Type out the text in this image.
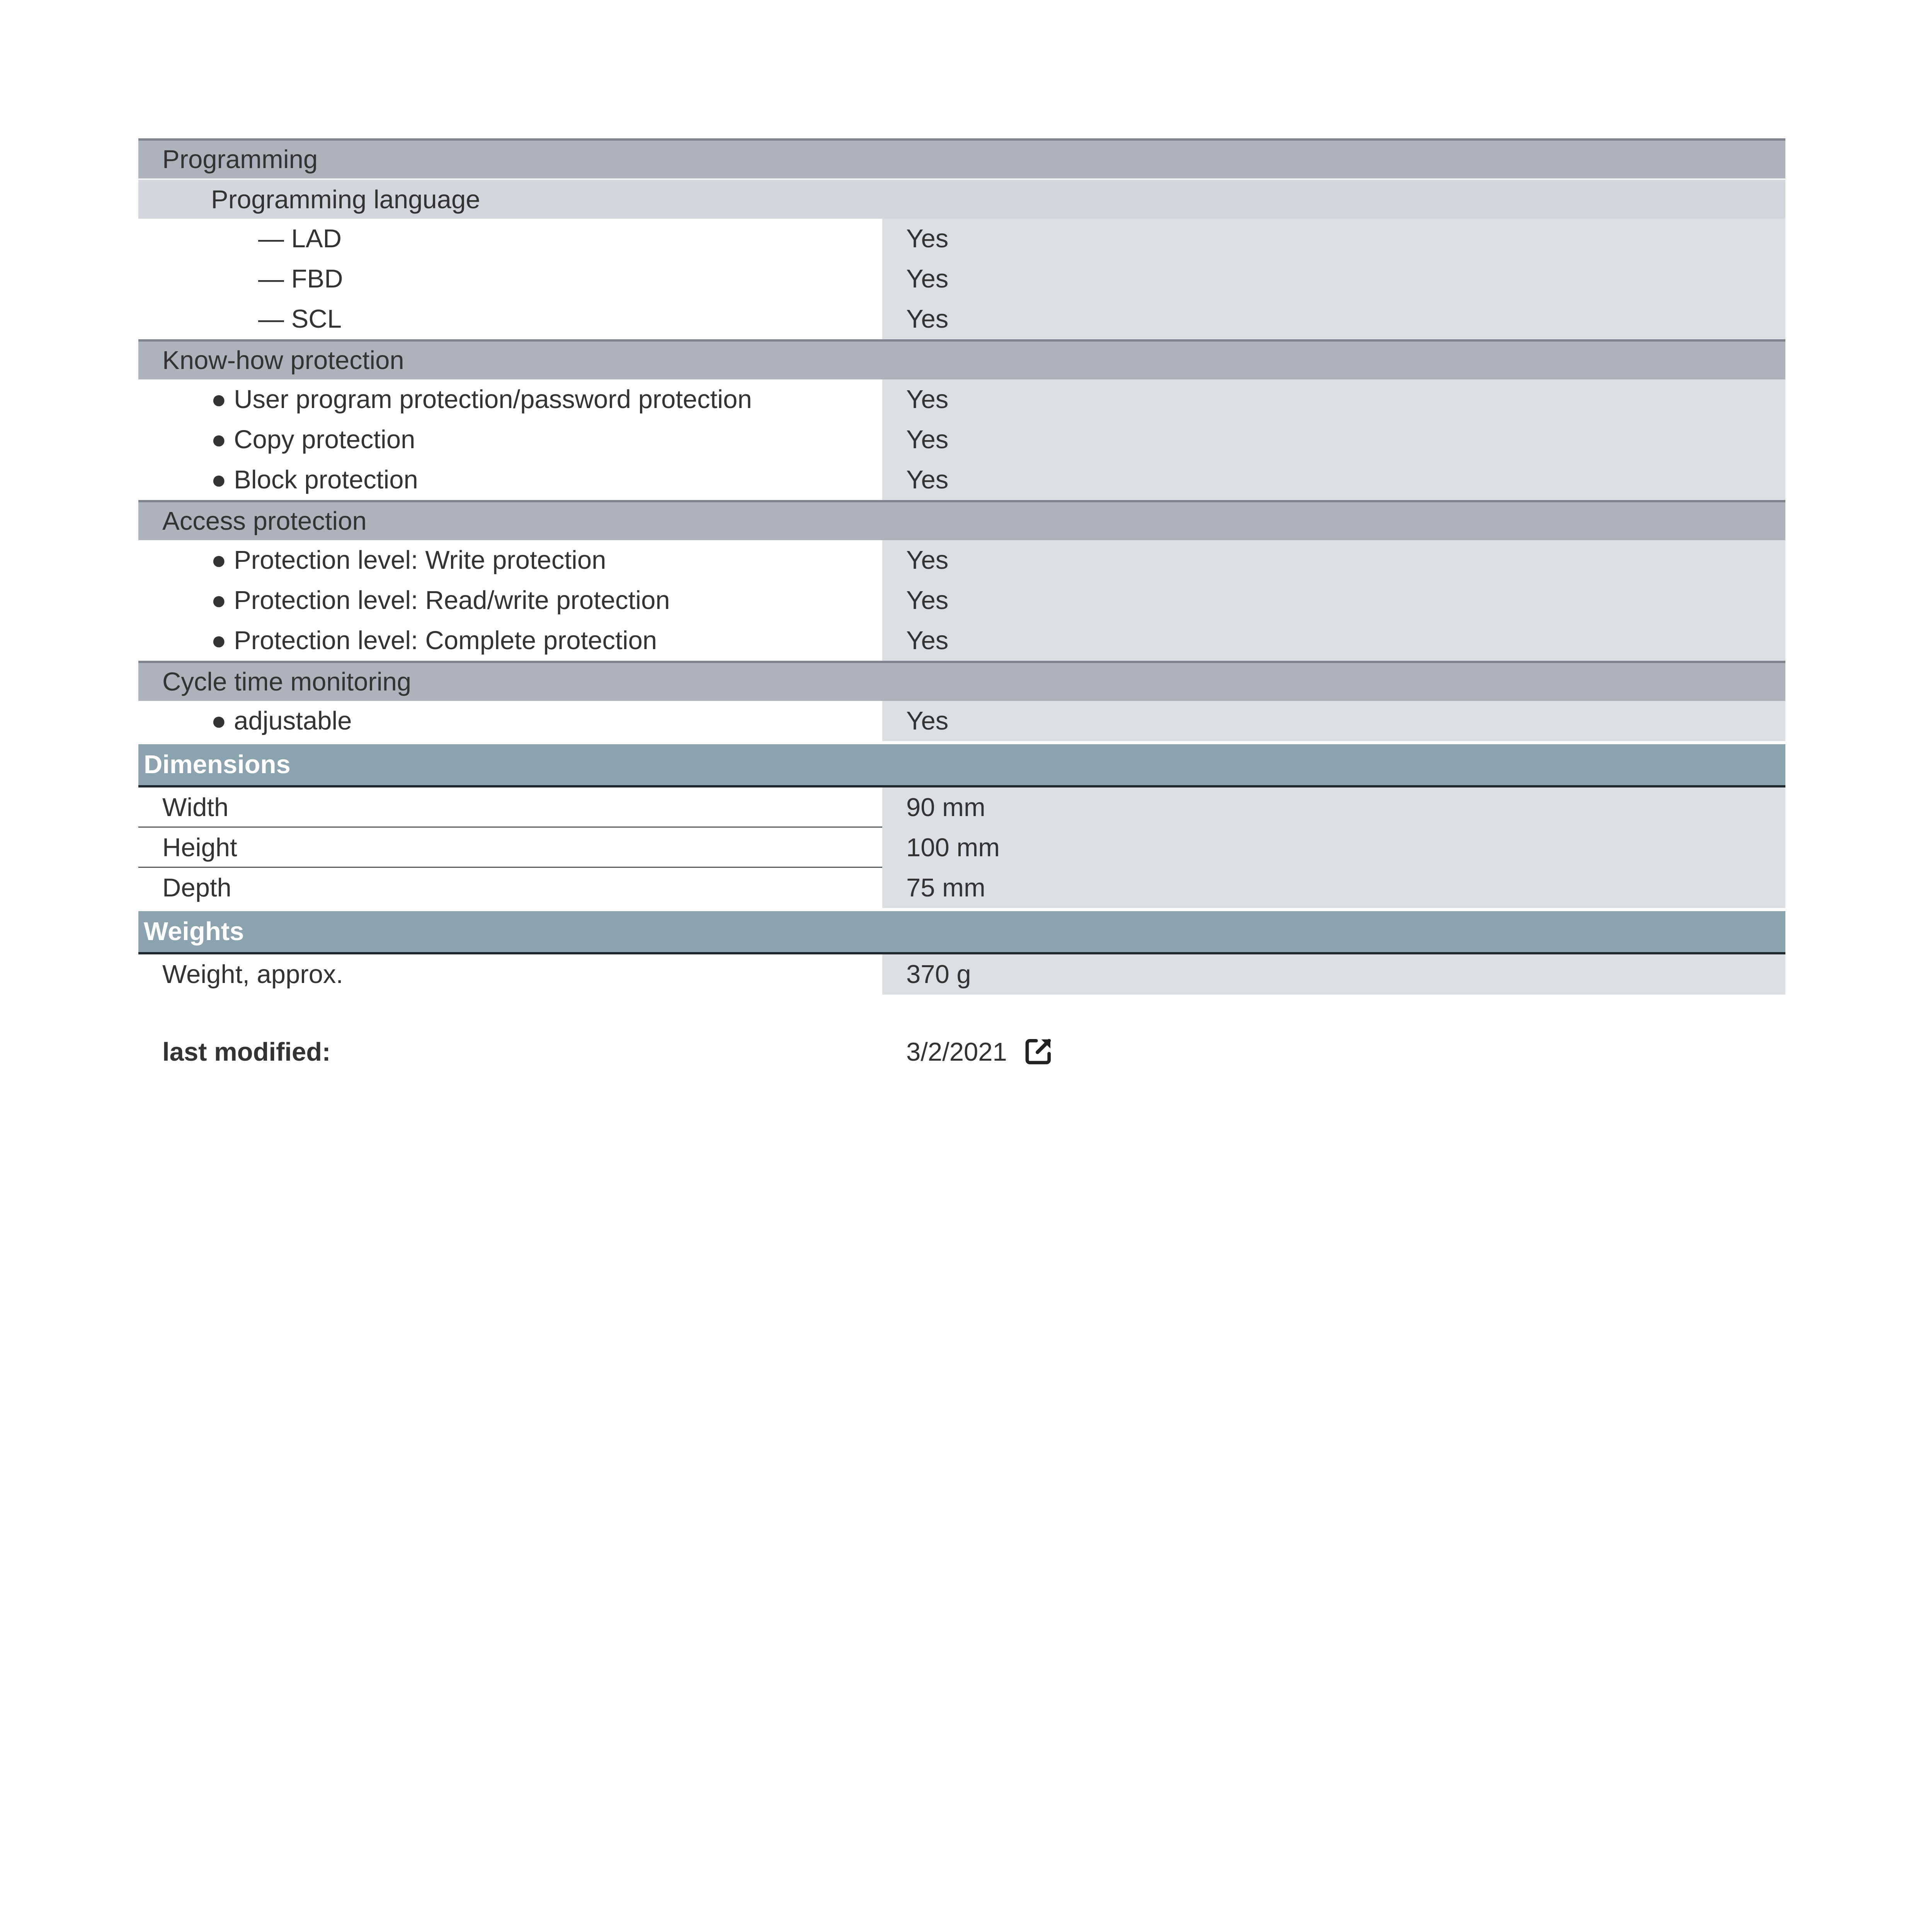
Programming
Programming language
— LAD	Yes
— FBD	Yes
— SCL	Yes
Know-how protection
● User program protection/password protection	Yes
● Copy protection	Yes
● Block protection	Yes
Access protection
● Protection level: Write protection	Yes
● Protection level: Read/write protection	Yes
● Protection level: Complete protection	Yes
Cycle time monitoring
● adjustable	Yes
Dimensions
Width	90 mm
Height	100 mm
Depth	75 mm
Weights
Weight, approx.	370 g
last modified:	3/2/2021
